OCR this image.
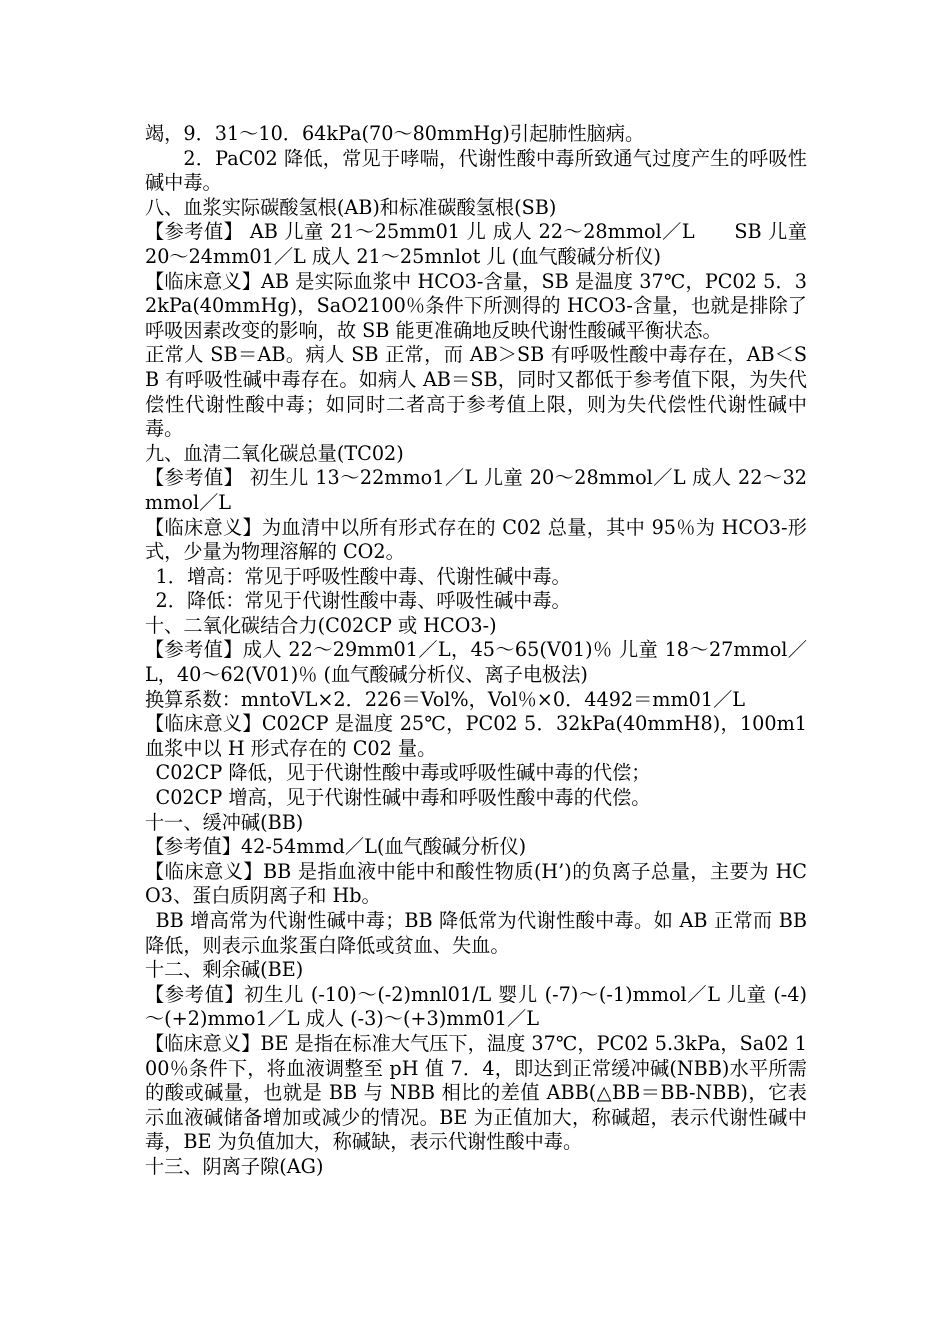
竭，9．31～10．64kPa(70～80mmHg)引起肺性脑病。

2．PaC02 降低，常见于哮喘，代谢性酸中毒所致通气过度产生的呼吸性碱中毒。

八、血浆实际碳酸氢根(AB)和标准碳酸氢根(SB)

【参考值】 AB 儿童 21～25mm01 儿 成人 22～28mmol／L　　SB 儿童 20～24mm01／L 成人 21～25mnlot 儿 (血气酸碱分析仪)

【临床意义】AB 是实际血浆中 HCO3-含量，SB 是温度 37℃，PC02 5．32kPa(40mmHg)，SaO2100％条件下所测得的 HCO3-含量，也就是排除了呼吸因素改变的影响，故 SB 能更准确地反映代谢性酸碱平衡状态。

正常人 SB＝AB。病人 SB 正常，而 AB＞SB 有呼吸性酸中毒存在，AB＜SB 有呼吸性碱中毒存在。如病人 AB＝SB，同时又都低于参考值下限，为失代偿性代谢性酸中毒；如同时二者高于参考值上限，则为失代偿性代谢性碱中毒。

九、血清二氧化碳总量(TC02)

【参考值】 初生儿 13～22mmo1／L 儿童 20～28mmol／L 成人 22～32mmol／L

【临床意义】为血清中以所有形式存在的 C02 总量，其中 95％为 HCO3-形式，少量为物理溶解的 CO2。

1．增高：常见于呼吸性酸中毒、代谢性碱中毒。

2．降低：常见于代谢性酸中毒、呼吸性碱中毒。

十、二氧化碳结合力(C02CP 或 HCO3-)

【参考值】成人 22～29mm01／L，45～65(V01)％ 儿童 18～27mmol／L，40～62(V01)％ (血气酸碱分析仪、离子电极法)

换算系数：mntoVL×2．226＝Vol%，Vol％×0．4492＝mm01／L

【临床意义】C02CP 是温度 25℃，PC02 5．32kPa(40mmH8)，100m1 血浆中以 H 形式存在的 C02 量。

C02CP 降低，见于代谢性酸中毒或呼吸性碱中毒的代偿；

C02CP 增高，见于代谢性碱中毒和呼吸性酸中毒的代偿。

十一、缓冲碱(BB)

【参考值】42-54mmd／L(血气酸碱分析仪)

【临床意义】BB 是指血液中能中和酸性物质(H’)的负离子总量，主要为 HCO3、蛋白质阴离子和 Hb。

BB 增高常为代谢性碱中毒；BB 降低常为代谢性酸中毒。如 AB 正常而 BB 降低，则表示血浆蛋白降低或贫血、失血。

十二、剩余碱(BE)

【参考值】初生儿 (-10)～(-2)mnl01/L 婴儿 (-7)～(-1)mmol／L 儿童 (-4)～(+2)mmo1／L 成人 (-3)～(+3)mm01／L

【临床意义】BE 是指在标准大气压下，温度 37℃，PC02 5.3kPa，Sa02 100％条件下，将血液调整至 pH 值 7．4，即达到正常缓冲碱(NBB)水平所需的酸或碱量，也就是 BB 与 NBB 相比的差值 ABB(△BB＝BB-NBB)，它表示血液碱储备增加或减少的情况。BE 为正值加大，称碱超，表示代谢性碱中毒，BE 为负值加大，称碱缺，表示代谢性酸中毒。

十三、阴离子隙(AG)
